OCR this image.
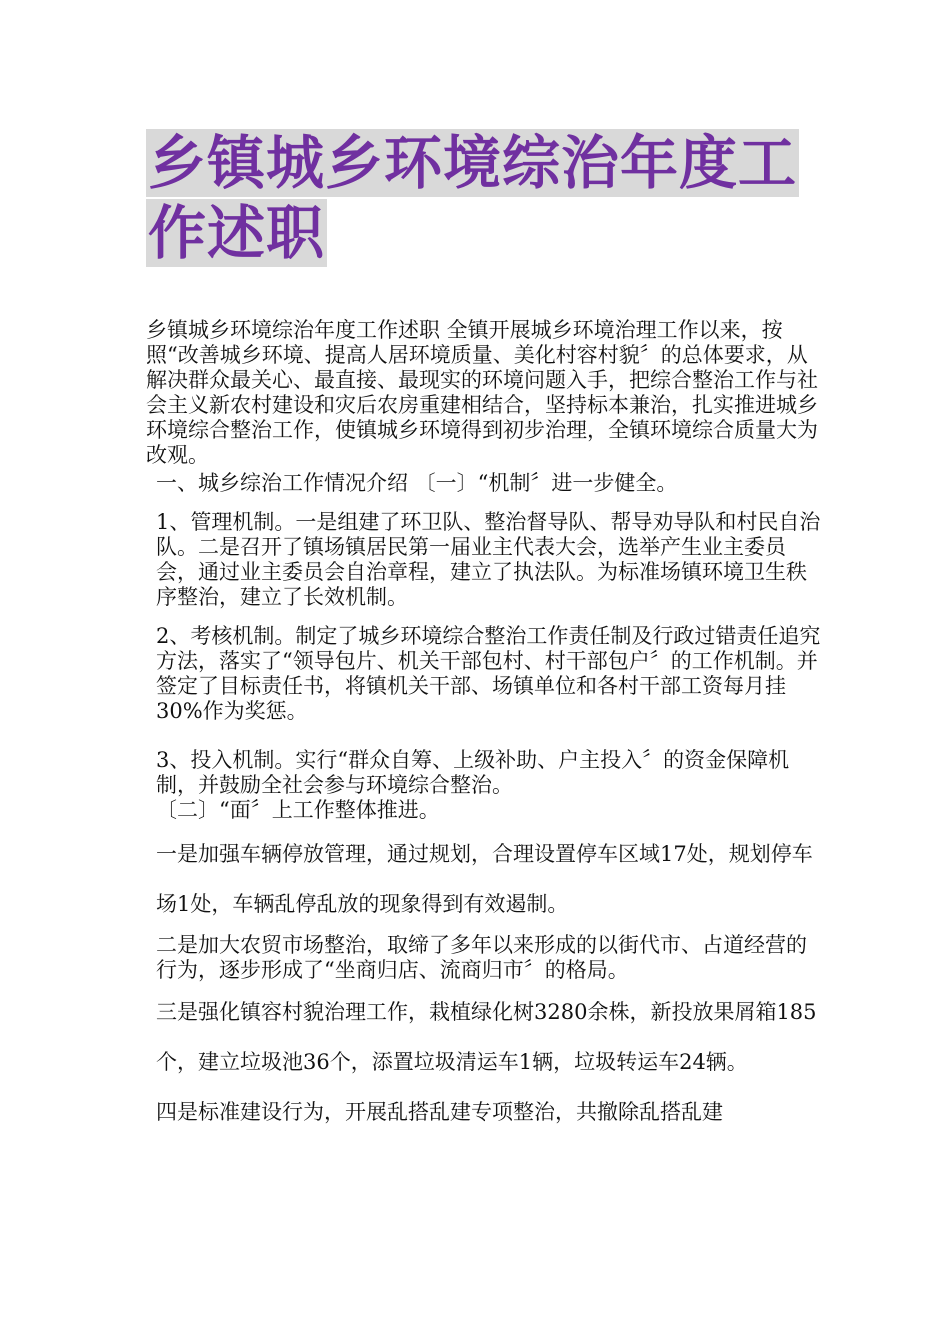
乡镇城乡环境综治年度工作述职

乡镇城乡环境综治年度工作述职 全镇开展城乡环境治理工作以来，按照“改善城乡环境、提高人居环境质量、美化村容村貌〞的总体要求，从解决群众最关心、最直接、最现实的环境问题入手，把综合整治工作与社会主义新农村建设和灾后农房重建相结合，坚持标本兼治，扎实推进城乡环境综合整治工作，使镇城乡环境得到初步治理，全镇环境综合质量大为改观。

一、城乡综治工作情况介绍 〔一〕“机制〞进一步健全。

1、管理机制。一是组建了环卫队、整治督导队、帮导劝导队和村民自治队。二是召开了镇场镇居民第一届业主代表大会，选举产生业主委员会，通过业主委员会自治章程，建立了执法队。为标准场镇环境卫生秩序整治，建立了长效机制。

2、考核机制。制定了城乡环境综合整治工作责任制及行政过错责任追究方法，落实了“领导包片、机关干部包村、村干部包户〞的工作机制。并签定了目标责任书，将镇机关干部、场镇单位和各村干部工资每月挂30%作为奖惩。

3、投入机制。实行“群众自筹、上级补助、户主投入〞的资金保障机制，并鼓励全社会参与环境综合整治。

〔二〕“面〞上工作整体推进。

一是加强车辆停放管理，通过规划，合理设置停车区域17处，规划停车场1处，车辆乱停乱放的现象得到有效遏制。

二是加大农贸市场整治，取缔了多年以来形成的以街代市、占道经营的行为，逐步形成了“坐商归店、流商归市〞的格局。

三是强化镇容村貌治理工作，栽植绿化树3280余株，新投放果屑箱185个，建立垃圾池36个，添置垃圾清运车1辆，垃圾转运车24辆。

四是标准建设行为，开展乱搭乱建专项整治，共撤除乱搭乱建
